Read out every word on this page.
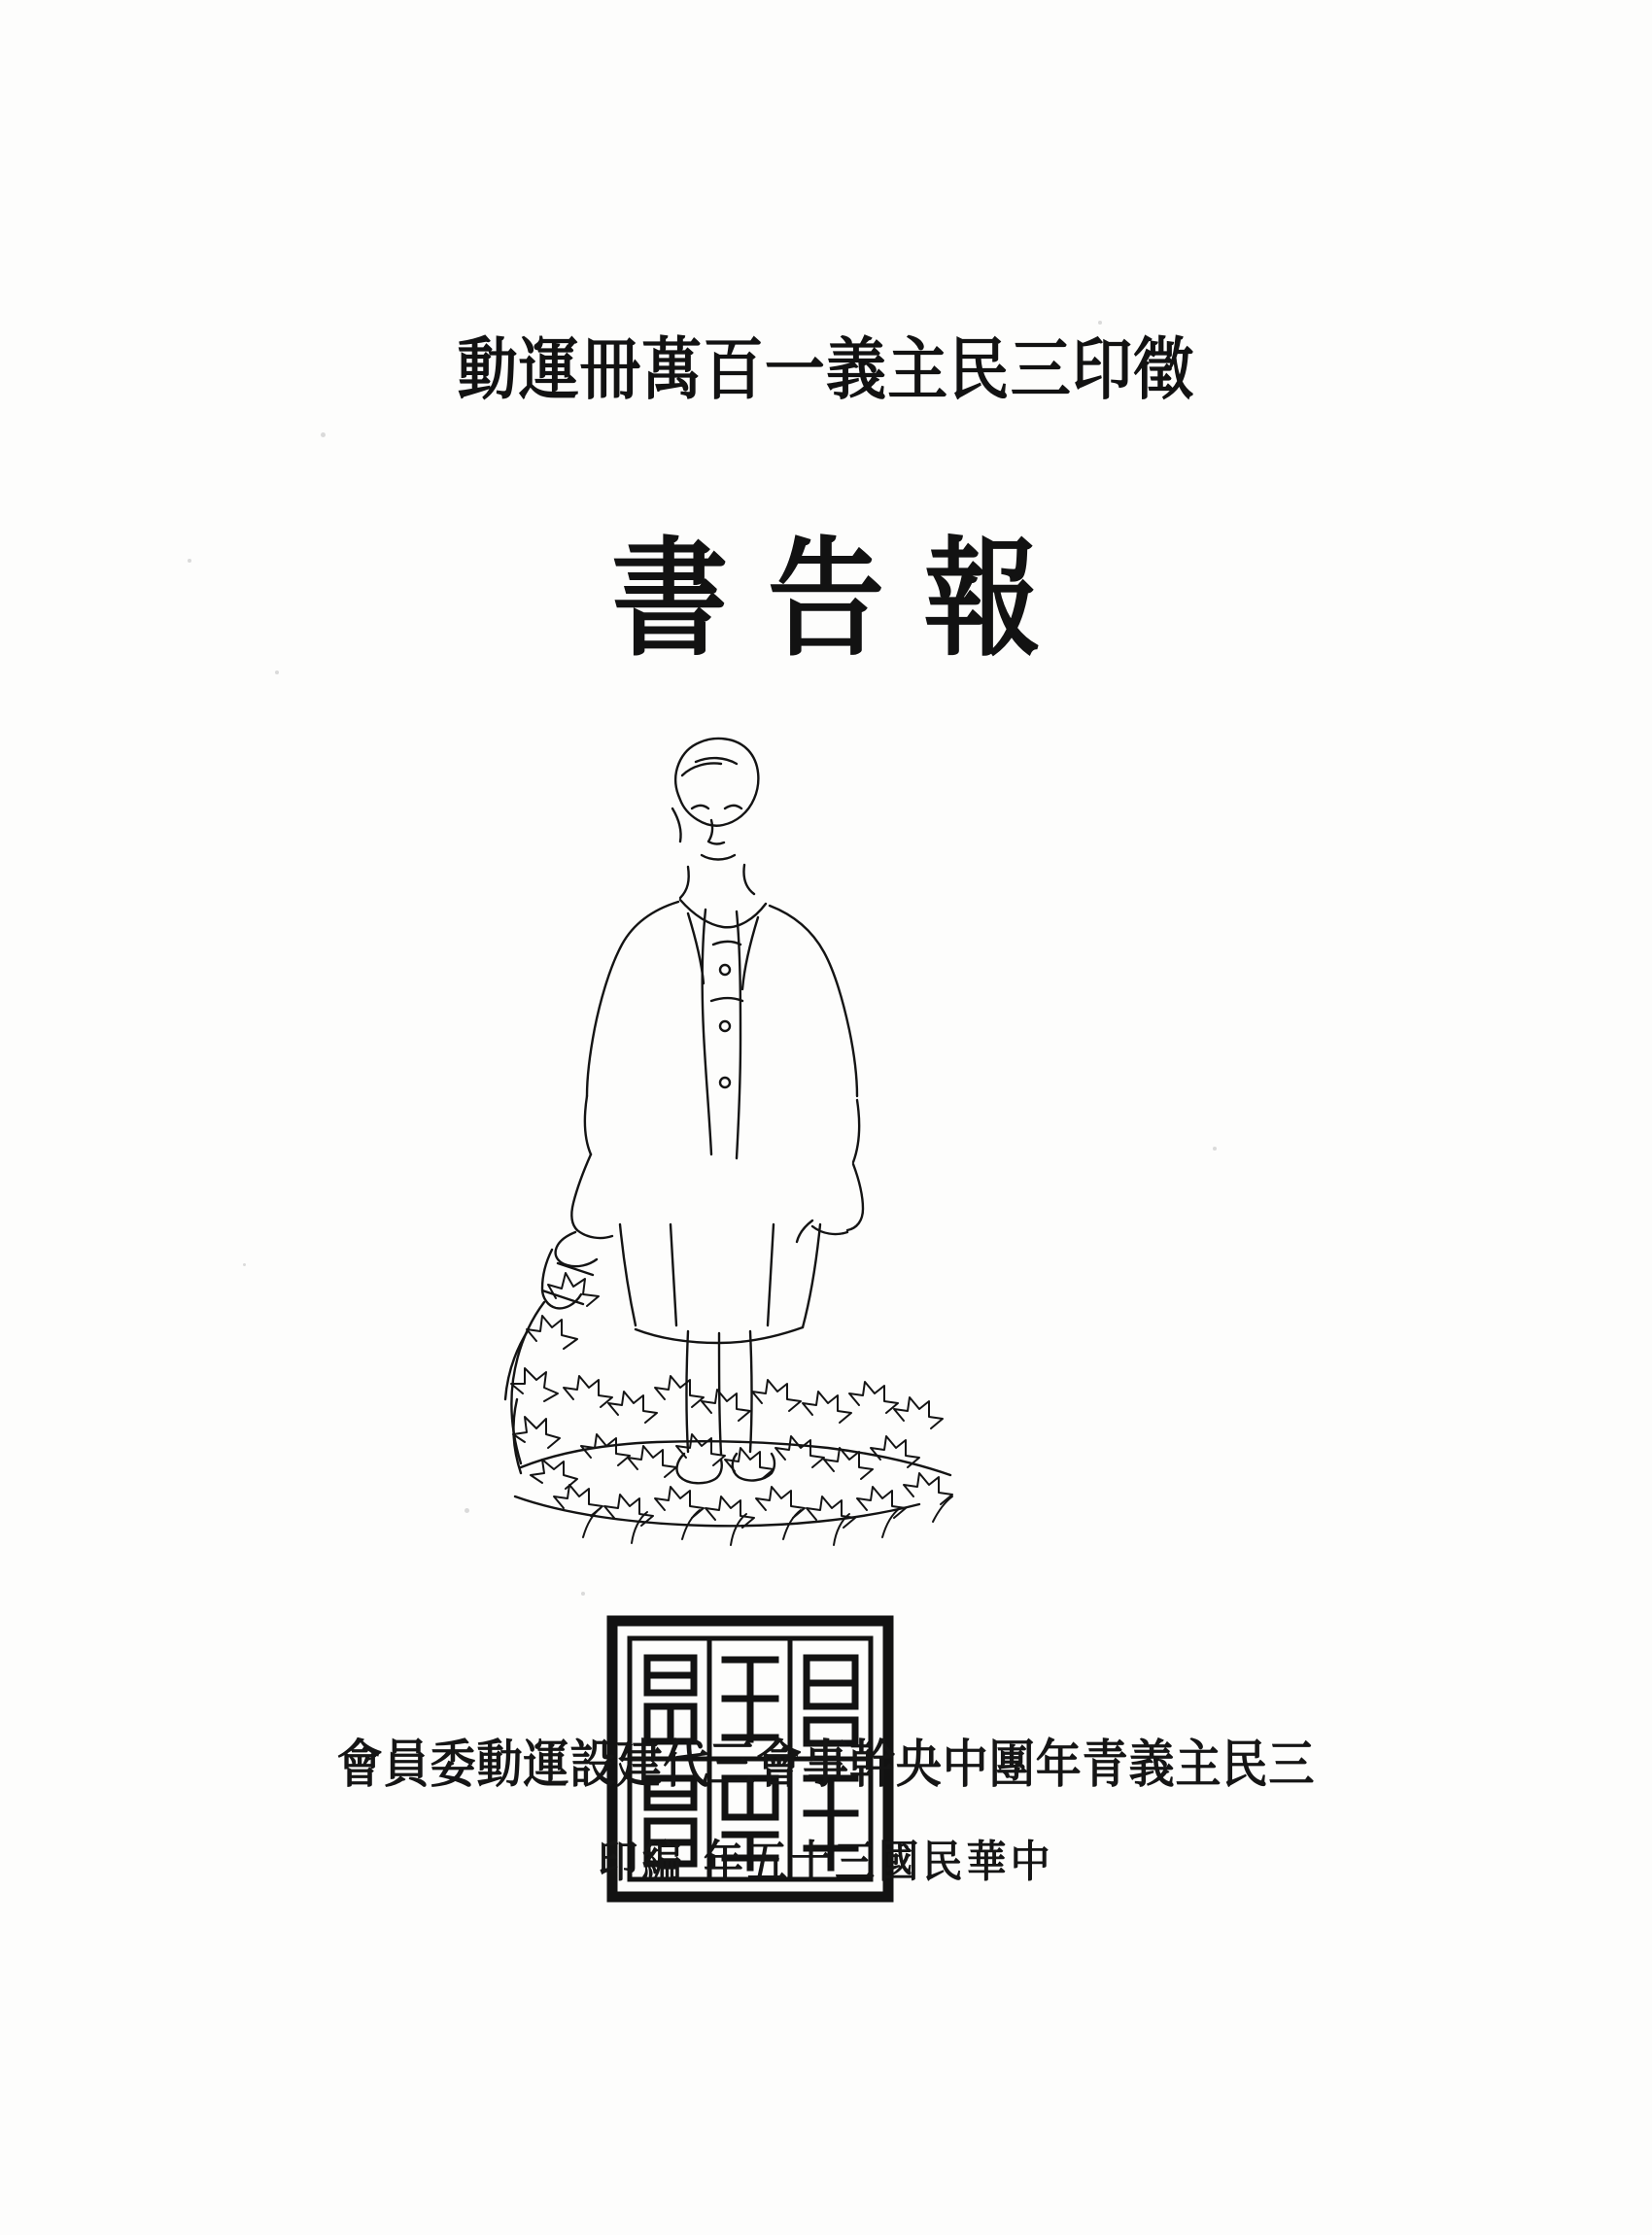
動運冊萬百一義主民三印徵
書告報
會員委動運設建代三會事幹央中團年青義主民三
印編 年五十三國民華中
